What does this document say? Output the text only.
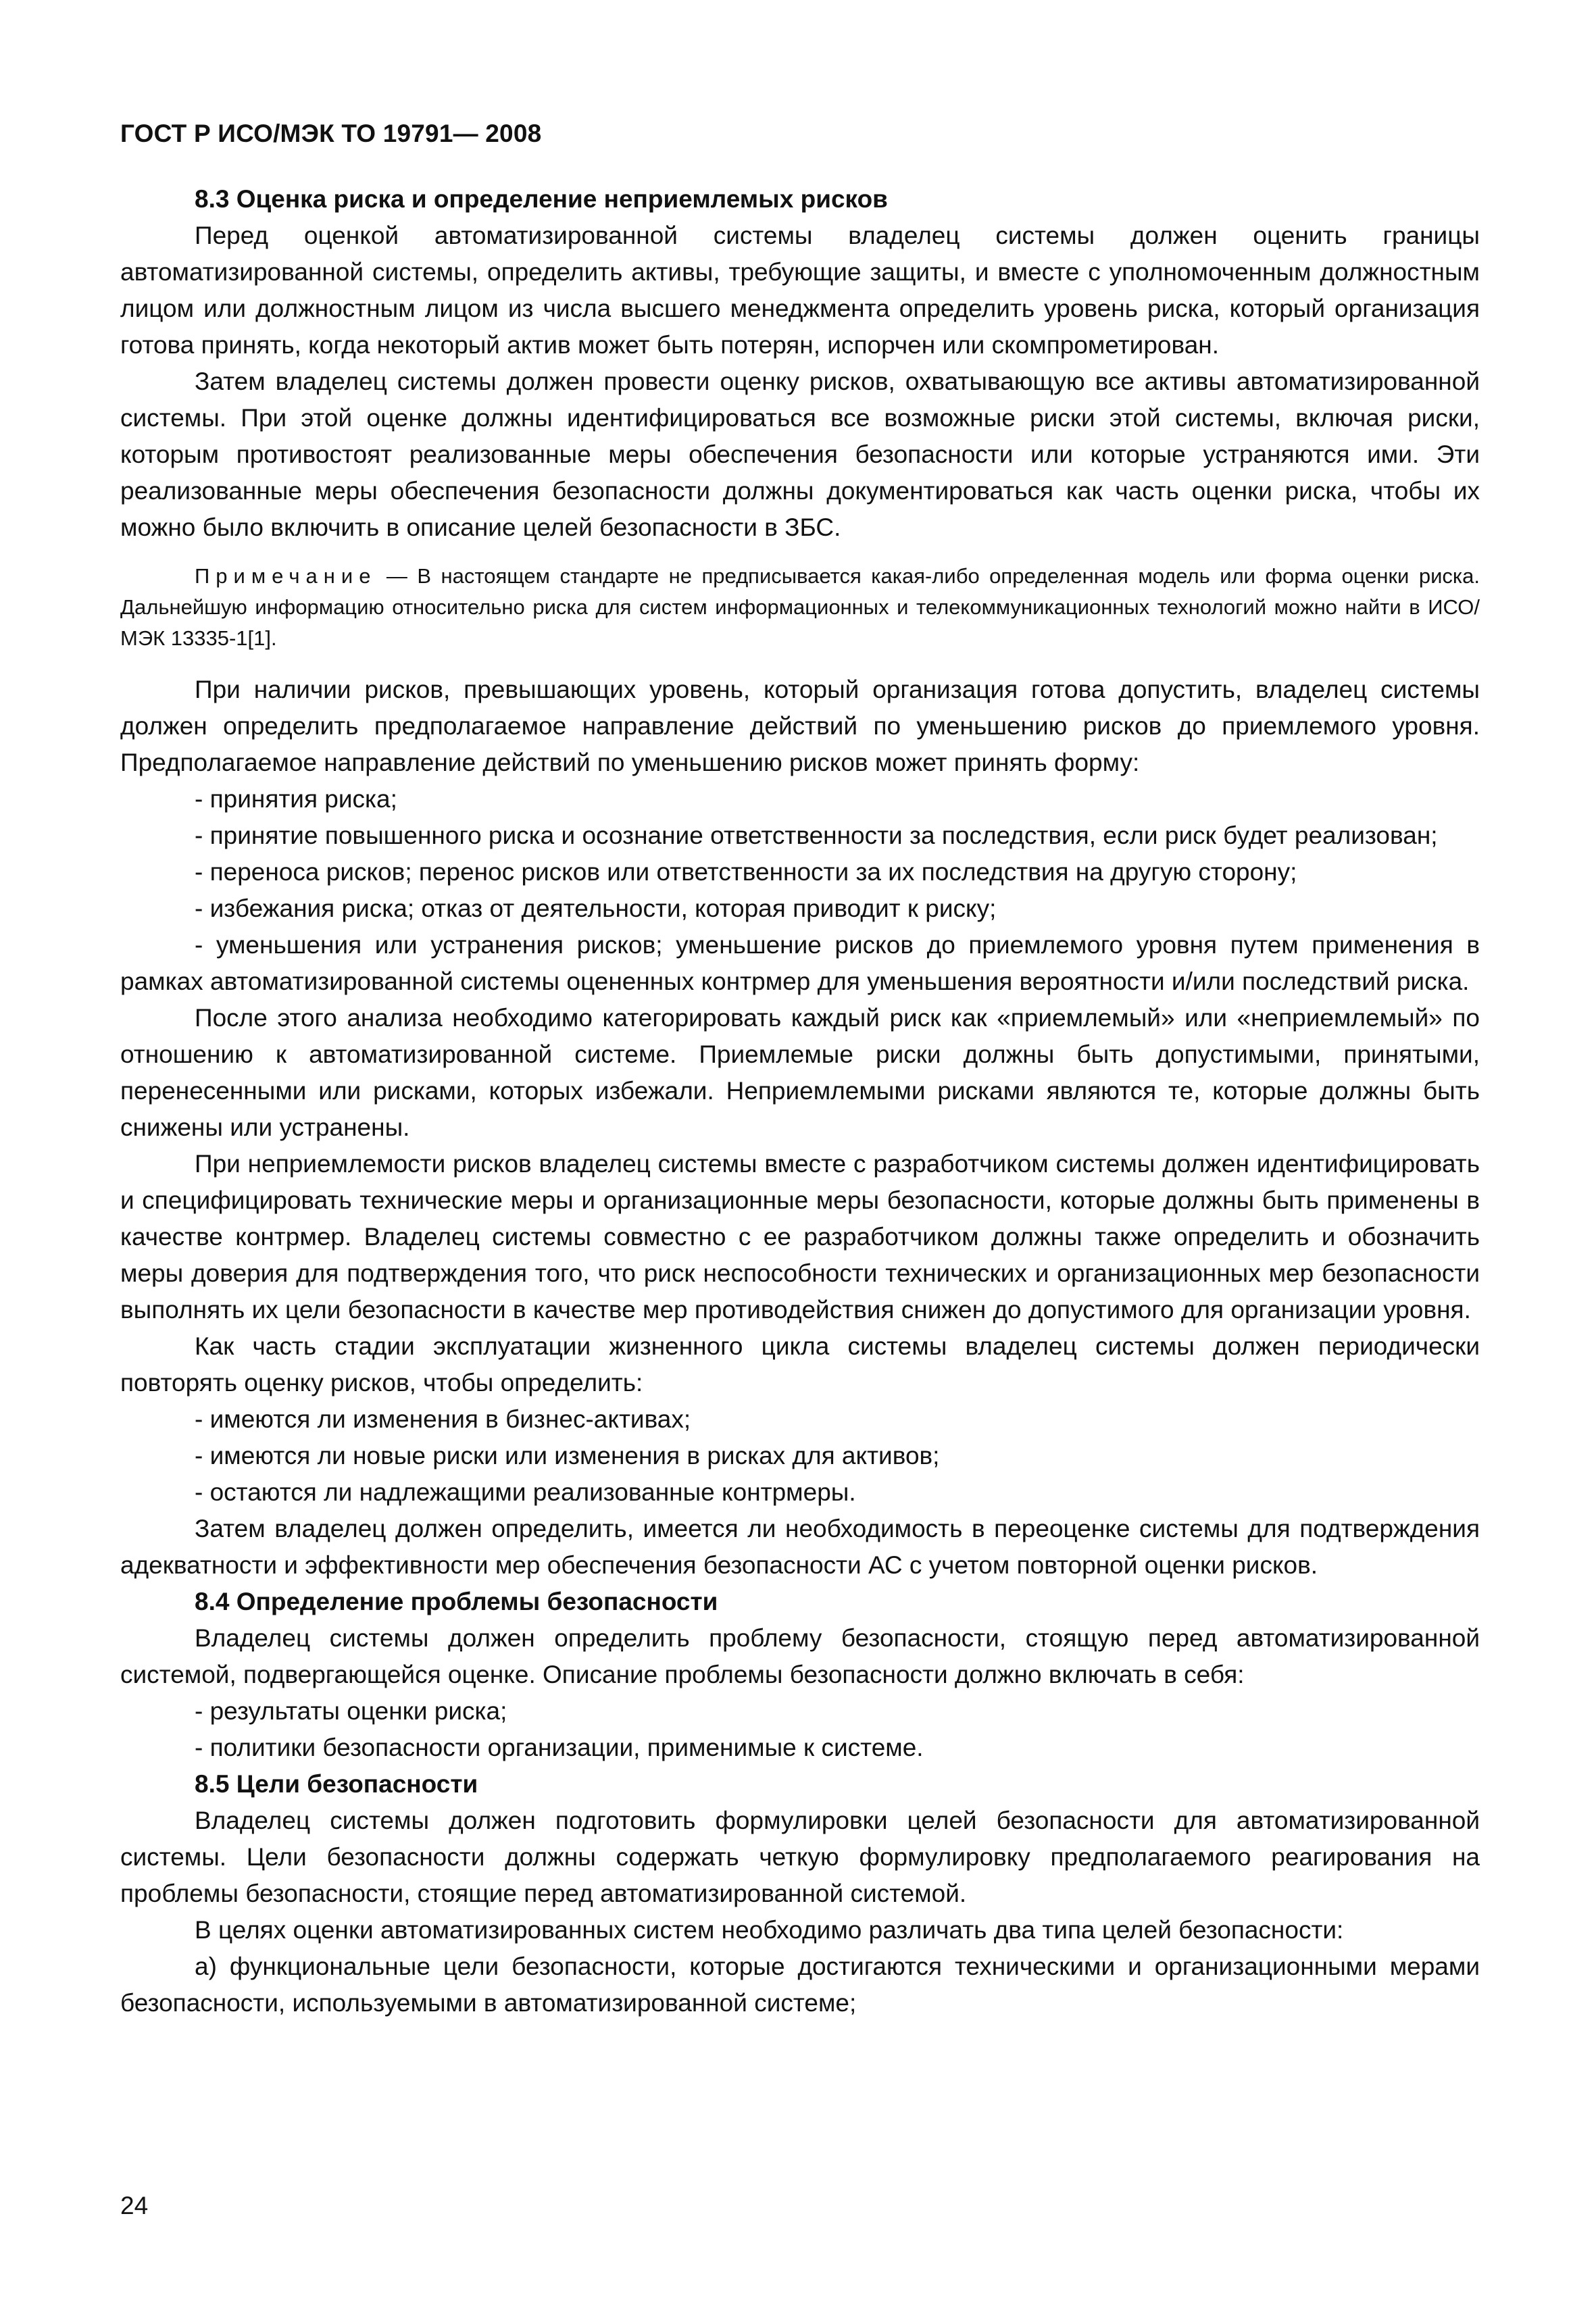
ГОСТ Р ИСО/МЭК ТО 19791— 2008
8.3 Оценка риска и определение неприемлемых рисков

Перед оценкой автоматизированной системы владелец системы должен оценить границы автоматизированной системы, определить активы, требующие защиты, и вместе с уполномоченным должностным лицом или должностным лицом из числа высшего менеджмента определить уровень риска, который организация готова принять, когда некоторый актив может быть потерян, испорчен или скомпрометирован.

Затем владелец системы должен провести оценку рисков, охватывающую все активы автоматизированной системы. При этой оценке должны идентифицироваться все возможные риски этой системы, включая риски, которым противостоят реализованные меры обеспечения безопасности или которые устраняются ими. Эти реализованные меры обеспечения безопасности должны документироваться как часть оценки риска, чтобы их можно было включить в описание целей безопасности в ЗБС.

Примечание — В настоящем стандарте не предписывается какая-либо определенная модель или форма оценки риска. Дальнейшую информацию относительно риска для систем информационных и телекоммуникационных технологий можно найти в ИСО/МЭК 13335-1[1].

При наличии рисков, превышающих уровень, который организация готова допустить, владелец системы должен определить предполагаемое направление действий по уменьшению рисков до приемлемого уровня. Предполагаемое направление действий по уменьшению рисков может принять форму:

- принятия риска;

- принятие повышенного риска и осознание ответственности за последствия, если риск будет реализован;

- переноса рисков; перенос рисков или ответственности за их последствия на другую сторону;

- избежания риска; отказ от деятельности, которая приводит к риску;

- уменьшения или устранения рисков; уменьшение рисков до приемлемого уровня путем применения в рамках автоматизированной системы оцененных контрмер для уменьшения вероятности и/или последствий риска.

После этого анализа необходимо категорировать каждый риск как «приемлемый» или «неприемлемый» по отношению к автоматизированной системе. Приемлемые риски должны быть допустимыми, принятыми, перенесенными или рисками, которых избежали. Неприемлемыми рисками являются те, которые должны быть снижены или устранены.

При неприемлемости рисков владелец системы вместе с разработчиком системы должен идентифицировать и специфицировать технические меры и организационные меры безопасности, которые должны быть применены в качестве контрмер. Владелец системы совместно с ее разработчиком должны также определить и обозначить меры доверия для подтверждения того, что риск неспособности технических и организационных мер безопасности выполнять их цели безопасности в качестве мер противодействия снижен до допустимого для организации уровня.

Как часть стадии эксплуатации жизненного цикла системы владелец системы должен периодически повторять оценку рисков, чтобы определить:

- имеются ли изменения в бизнес-активах;

- имеются ли новые риски или изменения в рисках для активов;

- остаются ли надлежащими реализованные контрмеры.

Затем владелец должен определить, имеется ли необходимость в переоценке системы для подтверждения адекватности и эффективности мер обеспечения безопасности АС с учетом повторной оценки рисков.

8.4 Определение проблемы безопасности

Владелец системы должен определить проблему безопасности, стоящую перед автоматизированной системой, подвергающейся оценке. Описание проблемы безопасности должно включать в себя:

- результаты оценки риска;

- политики безопасности организации, применимые к системе.

8.5 Цели безопасности

Владелец системы должен подготовить формулировки целей безопасности для автоматизированной системы. Цели безопасности должны содержать четкую формулировку предполагаемого реагирования на проблемы безопасности, стоящие перед автоматизированной системой.

В целях оценки автоматизированных систем необходимо различать два типа целей безопасности:

а) функциональные цели безопасности, которые достигаются техническими и организационными мерами безопасности, используемыми в автоматизированной системе;

24
